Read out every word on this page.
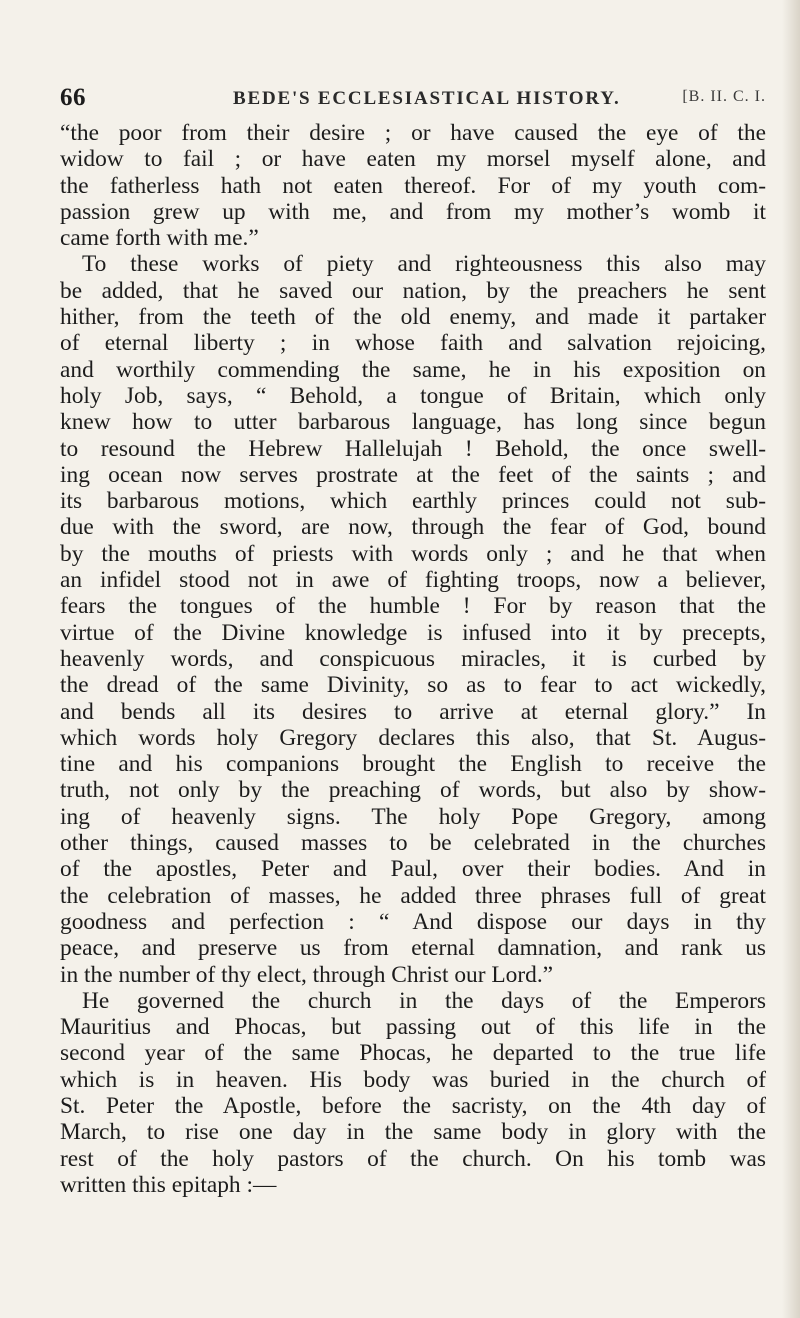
66	BEDE'S ECCLESIASTICAL HISTORY.	[B. II. C. I.
“the poor from their desire ; or have caused the eye of the
widow to fail ; or have eaten my morsel myself alone, and
the fatherless hath not eaten thereof. For of my youth com-
passion grew up with me, and from my mother’s womb it
came forth with me.”
To these works of piety and righteousness this also may
be added, that he saved our nation, by the preachers he sent
hither, from the teeth of the old enemy, and made it partaker
of eternal liberty ; in whose faith and salvation rejoicing,
and worthily commending the same, he in his exposition on
holy Job, says, “ Behold, a tongue of Britain, which only
knew how to utter barbarous language, has long since begun
to resound the Hebrew Hallelujah ! Behold, the once swell-
ing ocean now serves prostrate at the feet of the saints ; and
its barbarous motions, which earthly princes could not sub-
due with the sword, are now, through the fear of God, bound
by the mouths of priests with words only ; and he that when
an infidel stood not in awe of fighting troops, now a believer,
fears the tongues of the humble ! For by reason that the
virtue of the Divine knowledge is infused into it by precepts,
heavenly words, and conspicuous miracles, it is curbed by
the dread of the same Divinity, so as to fear to act wickedly,
and bends all its desires to arrive at eternal glory.” In
which words holy Gregory declares this also, that St. Augus-
tine and his companions brought the English to receive the
truth, not only by the preaching of words, but also by show-
ing of heavenly signs. The holy Pope Gregory, among
other things, caused masses to be celebrated in the churches
of the apostles, Peter and Paul, over their bodies. And in
the celebration of masses, he added three phrases full of great
goodness and perfection : “ And dispose our days in thy
peace, and preserve us from eternal damnation, and rank us
in the number of thy elect, through Christ our Lord.”
He governed the church in the days of the Emperors
Mauritius and Phocas, but passing out of this life in the
second year of the same Phocas, he departed to the true life
which is in heaven. His body was buried in the church of
St. Peter the Apostle, before the sacristy, on the 4th day of
March, to rise one day in the same body in glory with the
rest of the holy pastors of the church. On his tomb was
written this epitaph :—
